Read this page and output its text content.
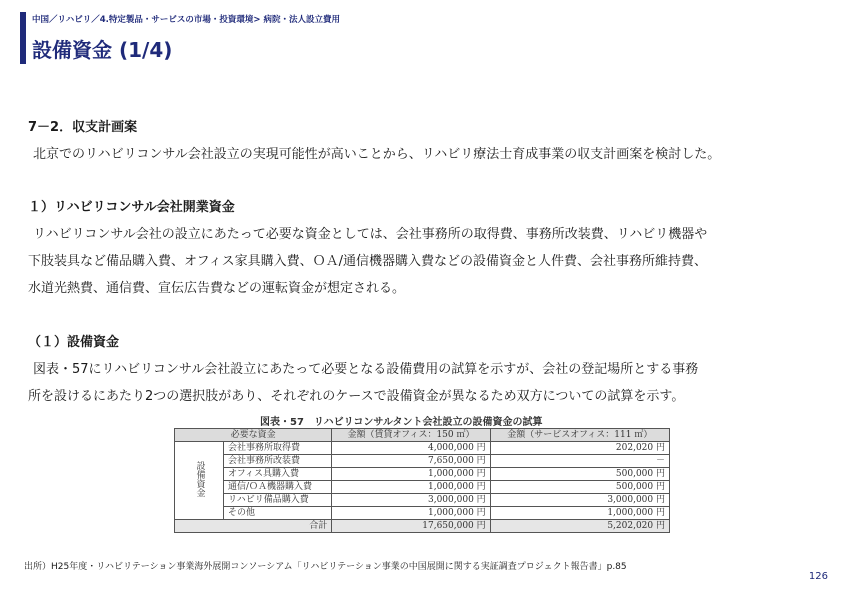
中国／リハビリ／4.特定製品・サービスの市場・投資環境> 病院・法人設立費用
設備資金 (1/4)
7－2．収支計画案
北京でのリハビリコンサル会社設立の実現可能性が高いことから、リハビリ療法士育成事業の収支計画案を検討した。
１）リハビリコンサル会社開業資金
リハビリコンサル会社の設立にあたって必要な資金としては、会社事務所の取得費、事務所改装費、リハビリ機器や
下肢装具など備品購入費、オフィス家具購入費、ＯＡ/通信機器購入費などの設備資金と人件費、会社事務所維持費、
水道光熱費、通信費、宣伝広告費などの運転資金が想定される。
（１）設備資金
図表・57にリハビリコンサル会社設立にあたって必要となる設備費用の試算を示すが、会社の登記場所とする事務
所を設けるにあたり2つの選択肢があり、それぞれのケースで設備資金が異なるため双方についての試算を示す。
図表・57　リハビリコンサルタント会社設立の設備資金の試算
必要な資金		金額（賃貸オフィス：150 ㎡）	金額（サービスオフィス：111 ㎡）
設備資金	会社事務所取得費	4,000,000 円	202,020 円
	会社事務所改装費	7,650,000 円	－
	オフィス具購入費	1,000,000 円	500,000 円
	通信/ＯＡ機器購入費	1,000,000 円	500,000 円
	リハビリ備品購入費	3,000,000 円	3,000,000 円
	その他	1,000,000 円	1,000,000 円
合計		17,650,000 円	5,202,020 円
出所）H25年度・リハビリテーション事業海外展開コンソーシアム「リハビリテーション事業の中国展開に関する実証調査プロジェクト報告書」p.85
126
